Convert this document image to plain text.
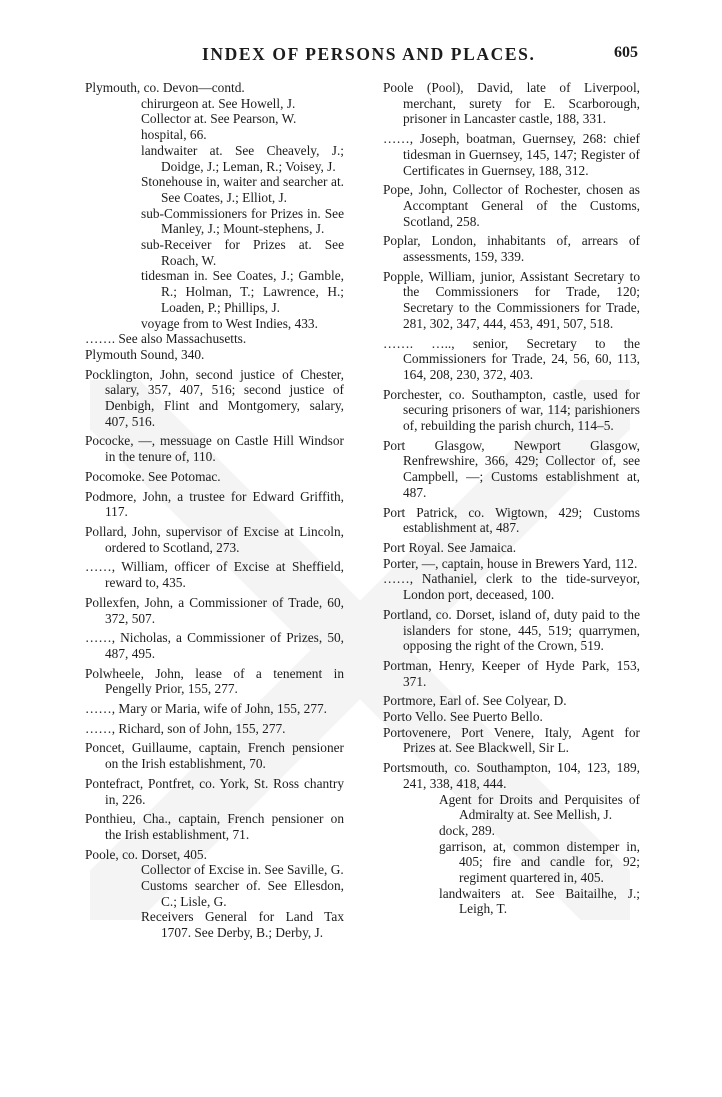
INDEX OF PERSONS AND PLACES.	605
Plymouth, co. Devon—contd.
chirurgeon at. See Howell, J.
Collector at. See Pearson, W.
hospital, 66.
landwaiter at. See Cheavely, J.; Doidge, J.; Leman, R.; Voisey, J.
Stonehouse in, waiter and searcher at. See Coates, J.; Elliot, J.
sub-Commissioners for Prizes in. See Manley, J.; Mount-stephens, J.
sub-Receiver for Prizes at. See Roach, W.
tidesman in. See Coates, J.; Gamble, R.; Holman, T.; Lawrence, H.; Loaden, P.; Phillips, J.
voyage from to West Indies, 433.
……. See also Massachusetts.
Plymouth Sound, 340.
Pocklington, John, second justice of Chester, salary, 357, 407, 516; second justice of Denbigh, Flint and Montgomery, salary, 407, 516.
Pococke, —, messuage on Castle Hill Windsor in the tenure of, 110.
Pocomoke. See Potomac.
Podmore, John, a trustee for Edward Griffith, 117.
Pollard, John, supervisor of Excise at Lincoln, ordered to Scotland, 273.
……, William, officer of Excise at Sheffield, reward to, 435.
Pollexfen, John, a Commissioner of Trade, 60, 372, 507.
……, Nicholas, a Commissioner of Prizes, 50, 487, 495.
Polwheele, John, lease of a tenement in Pengelly Prior, 155, 277.
……, Mary or Maria, wife of John, 155, 277.
……, Richard, son of John, 155, 277.
Poncet, Guillaume, captain, French pensioner on the Irish establishment, 70.
Pontefract, Pontfret, co. York, St. Ross chantry in, 226.
Ponthieu, Cha., captain, French pensioner on the Irish establishment, 71.
Poole, co. Dorset, 405.
Collector of Excise in. See Saville, G.
Customs searcher of. See Ellesdon, C.; Lisle, G.
Receivers General for Land Tax 1707. See Derby, B.; Derby, J.
Poole (Pool), David, late of Liverpool, merchant, surety for E. Scarborough, prisoner in Lancaster castle, 188, 331.
……, Joseph, boatman, Guernsey, 268: chief tidesman in Guernsey, 145, 147; Register of Certificates in Guernsey, 188, 312.
Pope, John, Collector of Rochester, chosen as Accomptant General of the Customs, Scotland, 258.
Poplar, London, inhabitants of, arrears of assessments, 159, 339.
Popple, William, junior, Assistant Secretary to the Commissioners for Trade, 120; Secretary to the Commissioners for Trade, 281, 302, 347, 444, 453, 491, 507, 518.
……. ….., senior, Secretary to the Commissioners for Trade, 24, 56, 60, 113, 164, 208, 230, 372, 403.
Porchester, co. Southampton, castle, used for securing prisoners of war, 114; parishioners of, rebuilding the parish church, 114–5.
Port Glasgow, Newport Glasgow, Renfrewshire, 366, 429; Collector of, see Campbell, —; Customs establishment at, 487.
Port Patrick, co. Wigtown, 429; Customs establishment at, 487.
Port Royal. See Jamaica.
Porter, —, captain, house in Brewers Yard, 112.
……, Nathaniel, clerk to the tide-surveyor, London port, deceased, 100.
Portland, co. Dorset, island of, duty paid to the islanders for stone, 445, 519; quarrymen, opposing the right of the Crown, 519.
Portman, Henry, Keeper of Hyde Park, 153, 371.
Portmore, Earl of. See Colyear, D.
Porto Vello. See Puerto Bello.
Portovenere, Port Venere, Italy, Agent for Prizes at. See Blackwell, Sir L.
Portsmouth, co. Southampton, 104, 123, 189, 241, 338, 418, 444.
Agent for Droits and Perquisites of Admiralty at. See Mellish, J.
dock, 289.
garrison, at, common distemper in, 405; fire and candle for, 92; regiment quartered in, 405.
landwaiters at. See Baitailhe, J.; Leigh, T.
